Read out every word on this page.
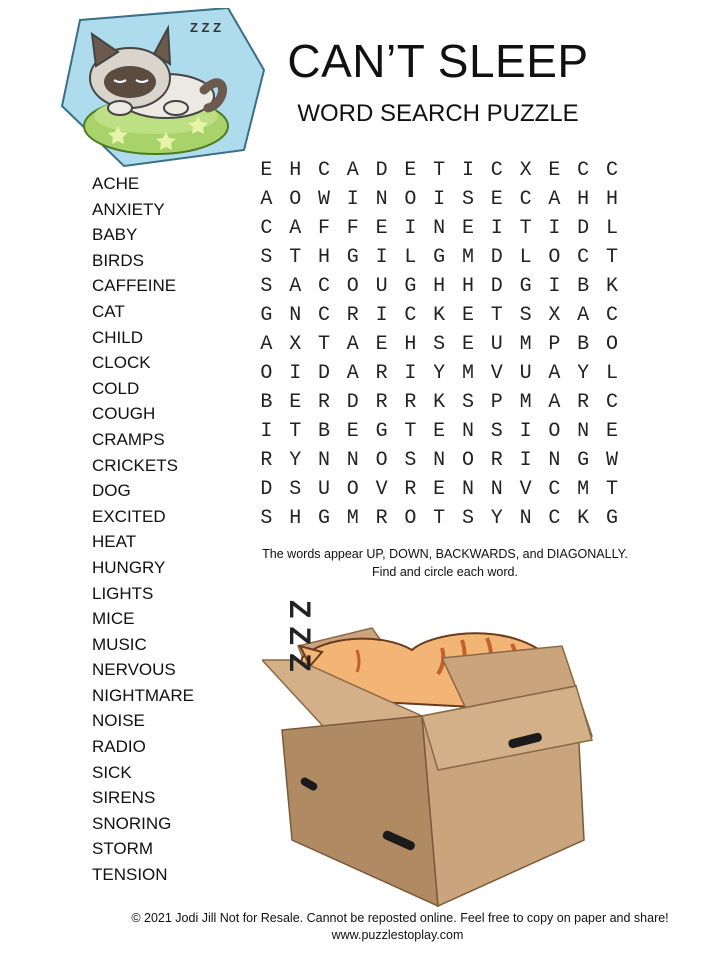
Z Z Z
CAN’T SLEEP
WORD SEARCH PUZZLE
ACHE
ANXIETY
BABY
BIRDS
CAFFEINE
CAT
CHILD
CLOCK
COLD
COUGH
CRAMPS
CRICKETS
DOG
EXCITED
HEAT
HUNGRY
LIGHTS
MICE
MUSIC
NERVOUS
NIGHTMARE
NOISE
RADIO
SICK
SIRENS
SNORING
STORM
TENSION
E	H	C	A	D	E	T	I	C	X	E	C	C
A	O	W	I	N	O	I	S	E	C	A	H	H
C	A	F	F	E	I	N	E	I	T	I	D	L
S	T	H	G	I	L	G	M	D	L	O	C	T
S	A	C	O	U	G	H	H	D	G	I	B	K
G	N	C	R	I	C	K	E	T	S	X	A	C
A	X	T	A	E	H	S	E	U	M	P	B	O
O	I	D	A	R	I	Y	M	V	U	A	Y	L
B	E	R	D	R	R	K	S	P	M	A	R	C
I	T	B	E	G	T	E	N	S	I	O	N	E
R	Y	N	N	O	S	N	O	R	I	N	G	W
D	S	U	O	V	R	E	N	N	V	C	M	T
S	H	G	M	R	O	T	S	Y	N	C	K	G
Z Z Z
The words appear UP, DOWN, BACKWARDS, and DIAGONALLY.
Find and circle each word.
© 2021 Jodi Jill Not for Resale. Cannot be reposted online. Feel free to copy on paper and share!
www.puzzlestoplay.com
